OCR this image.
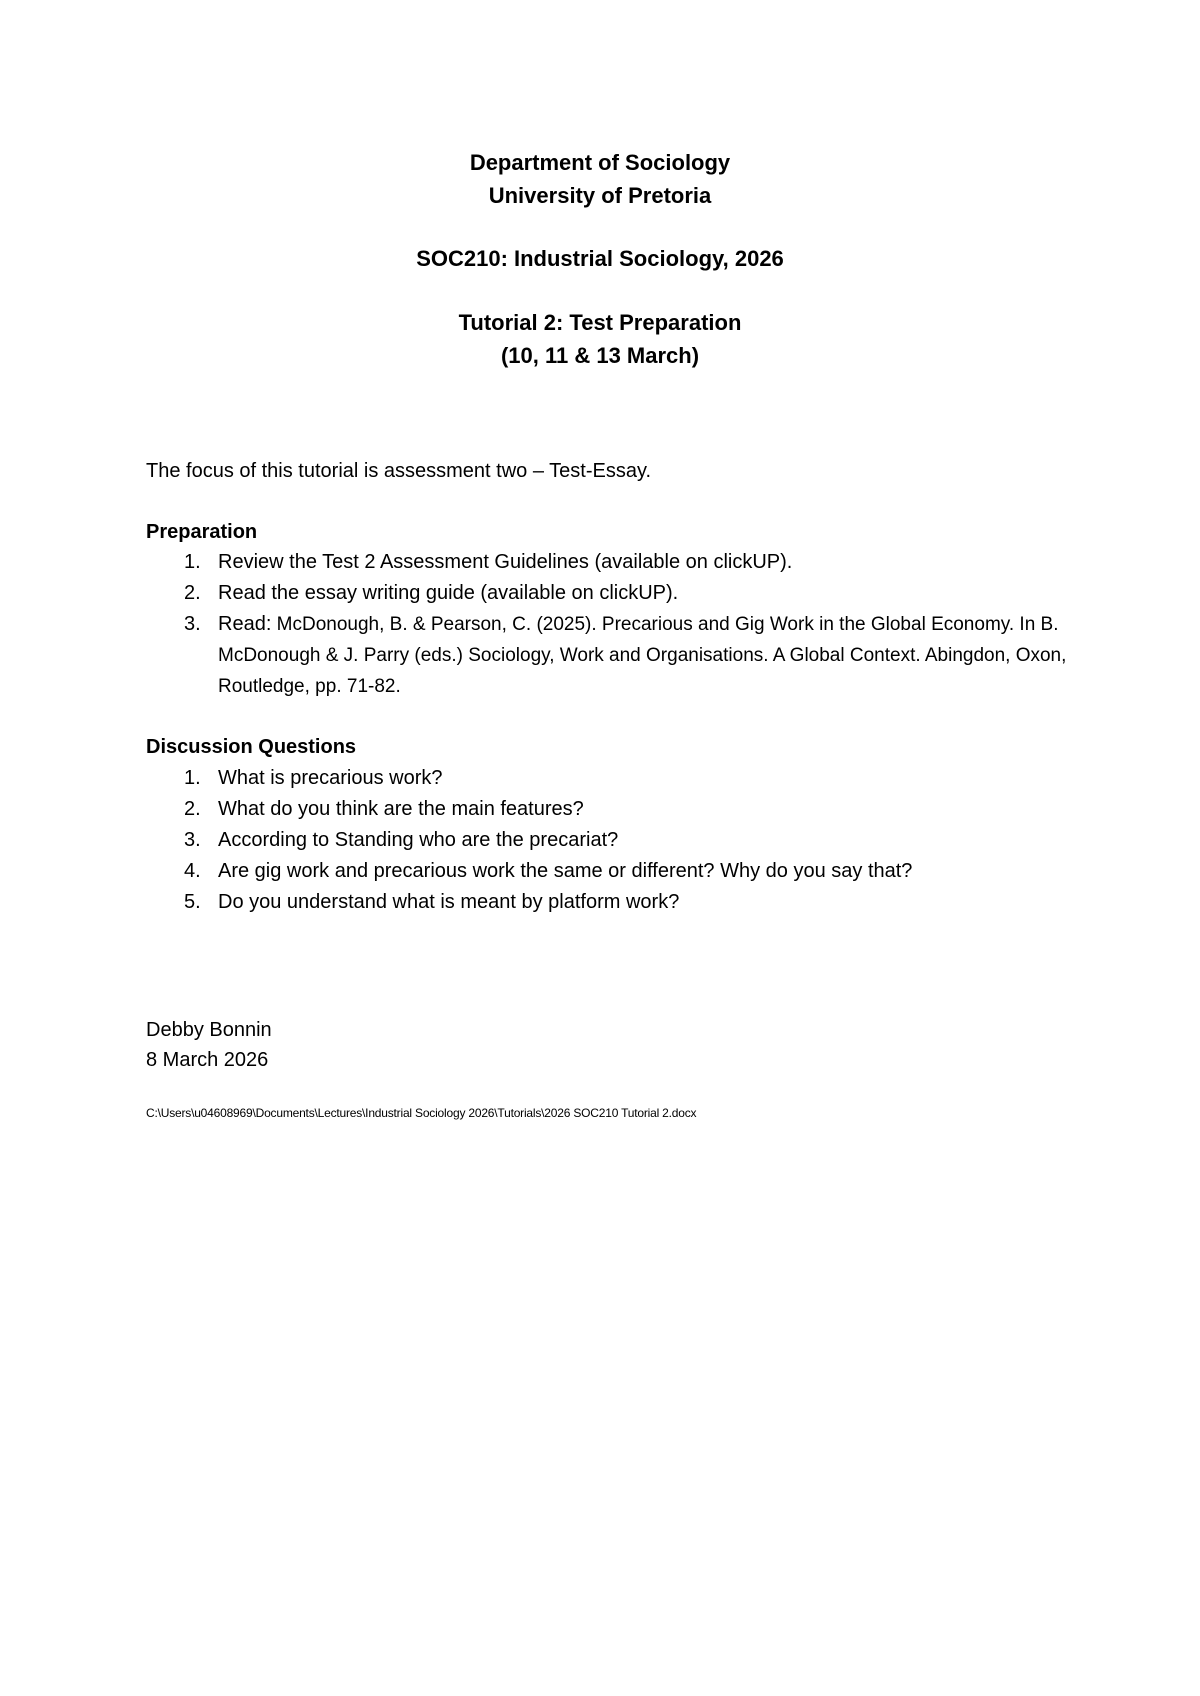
Department of Sociology
University of Pretoria
SOC210: Industrial Sociology, 2026
Tutorial 2: Test Preparation
(10, 11 & 13 March)
The focus of this tutorial is assessment two – Test-Essay.
Preparation
1. Review the Test 2 Assessment Guidelines (available on clickUP).
2. Read the essay writing guide (available on clickUP).
3. Read: McDonough, B. & Pearson, C. (2025). Precarious and Gig Work in the Global Economy. In B. McDonough & J. Parry (eds.) Sociology, Work and Organisations. A Global Context. Abingdon, Oxon, Routledge, pp. 71-82.
Discussion Questions
1. What is precarious work?
2. What do you think are the main features?
3. According to Standing who are the precariat?
4. Are gig work and precarious work the same or different? Why do you say that?
5. Do you understand what is meant by platform work?
Debby Bonnin
8 March 2026
C:\Users\u04608969\Documents\Lectures\Industrial Sociology 2026\Tutorials\2026 SOC210 Tutorial 2.docx
